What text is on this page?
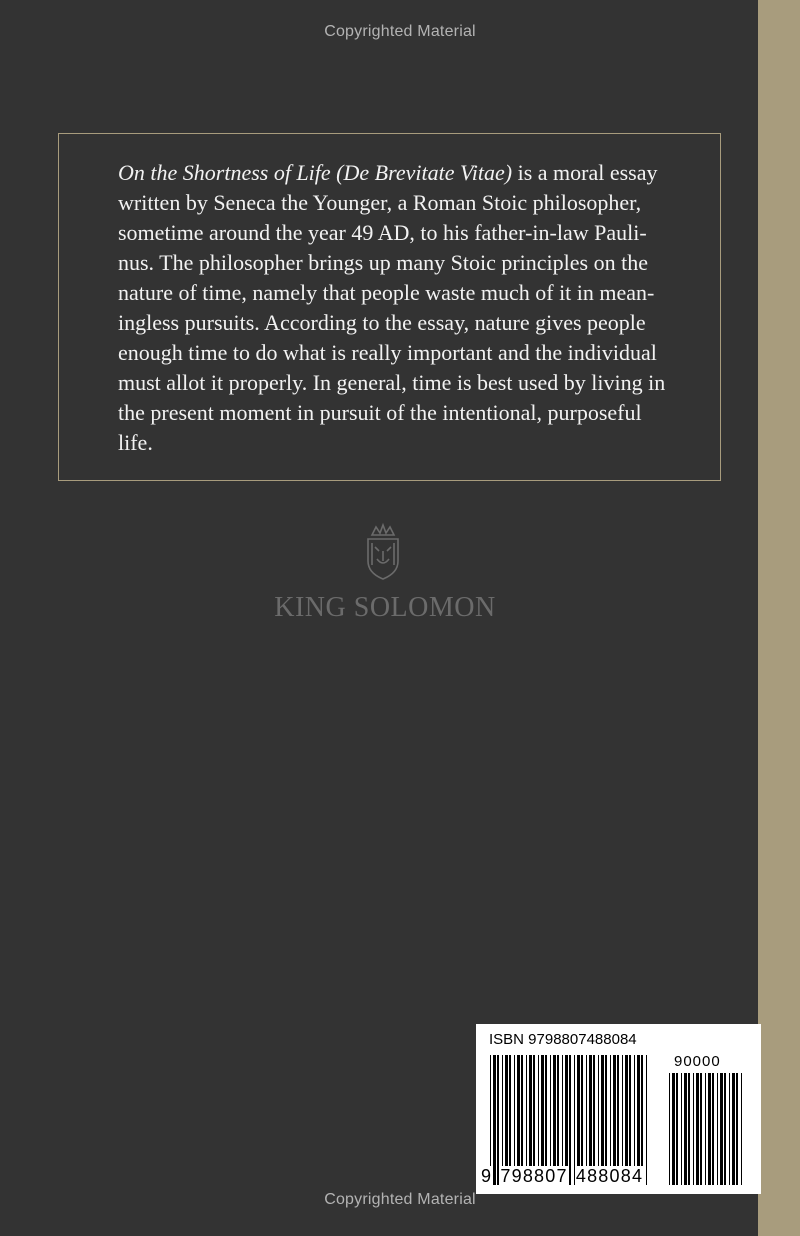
Copyrighted Material
On the Shortness of Life (De Brevitate Vitae) is a moral essay
written by Seneca the Younger, a Roman Stoic philosopher,
sometime around the year 49 AD, to his father-in-law Pauli-
nus. The philosopher brings up many Stoic principles on the
nature of time, namely that people waste much of it in mean-
ingless pursuits. According to the essay, nature gives people
enough time to do what is really important and the individual
must allot it properly. In general, time is best used by living in
the present moment in pursuit of the intentional, purposeful
life.
KING SOLOMON
ISBN 9798807488084
90000
9 798807 488084
Copyrighted Material
